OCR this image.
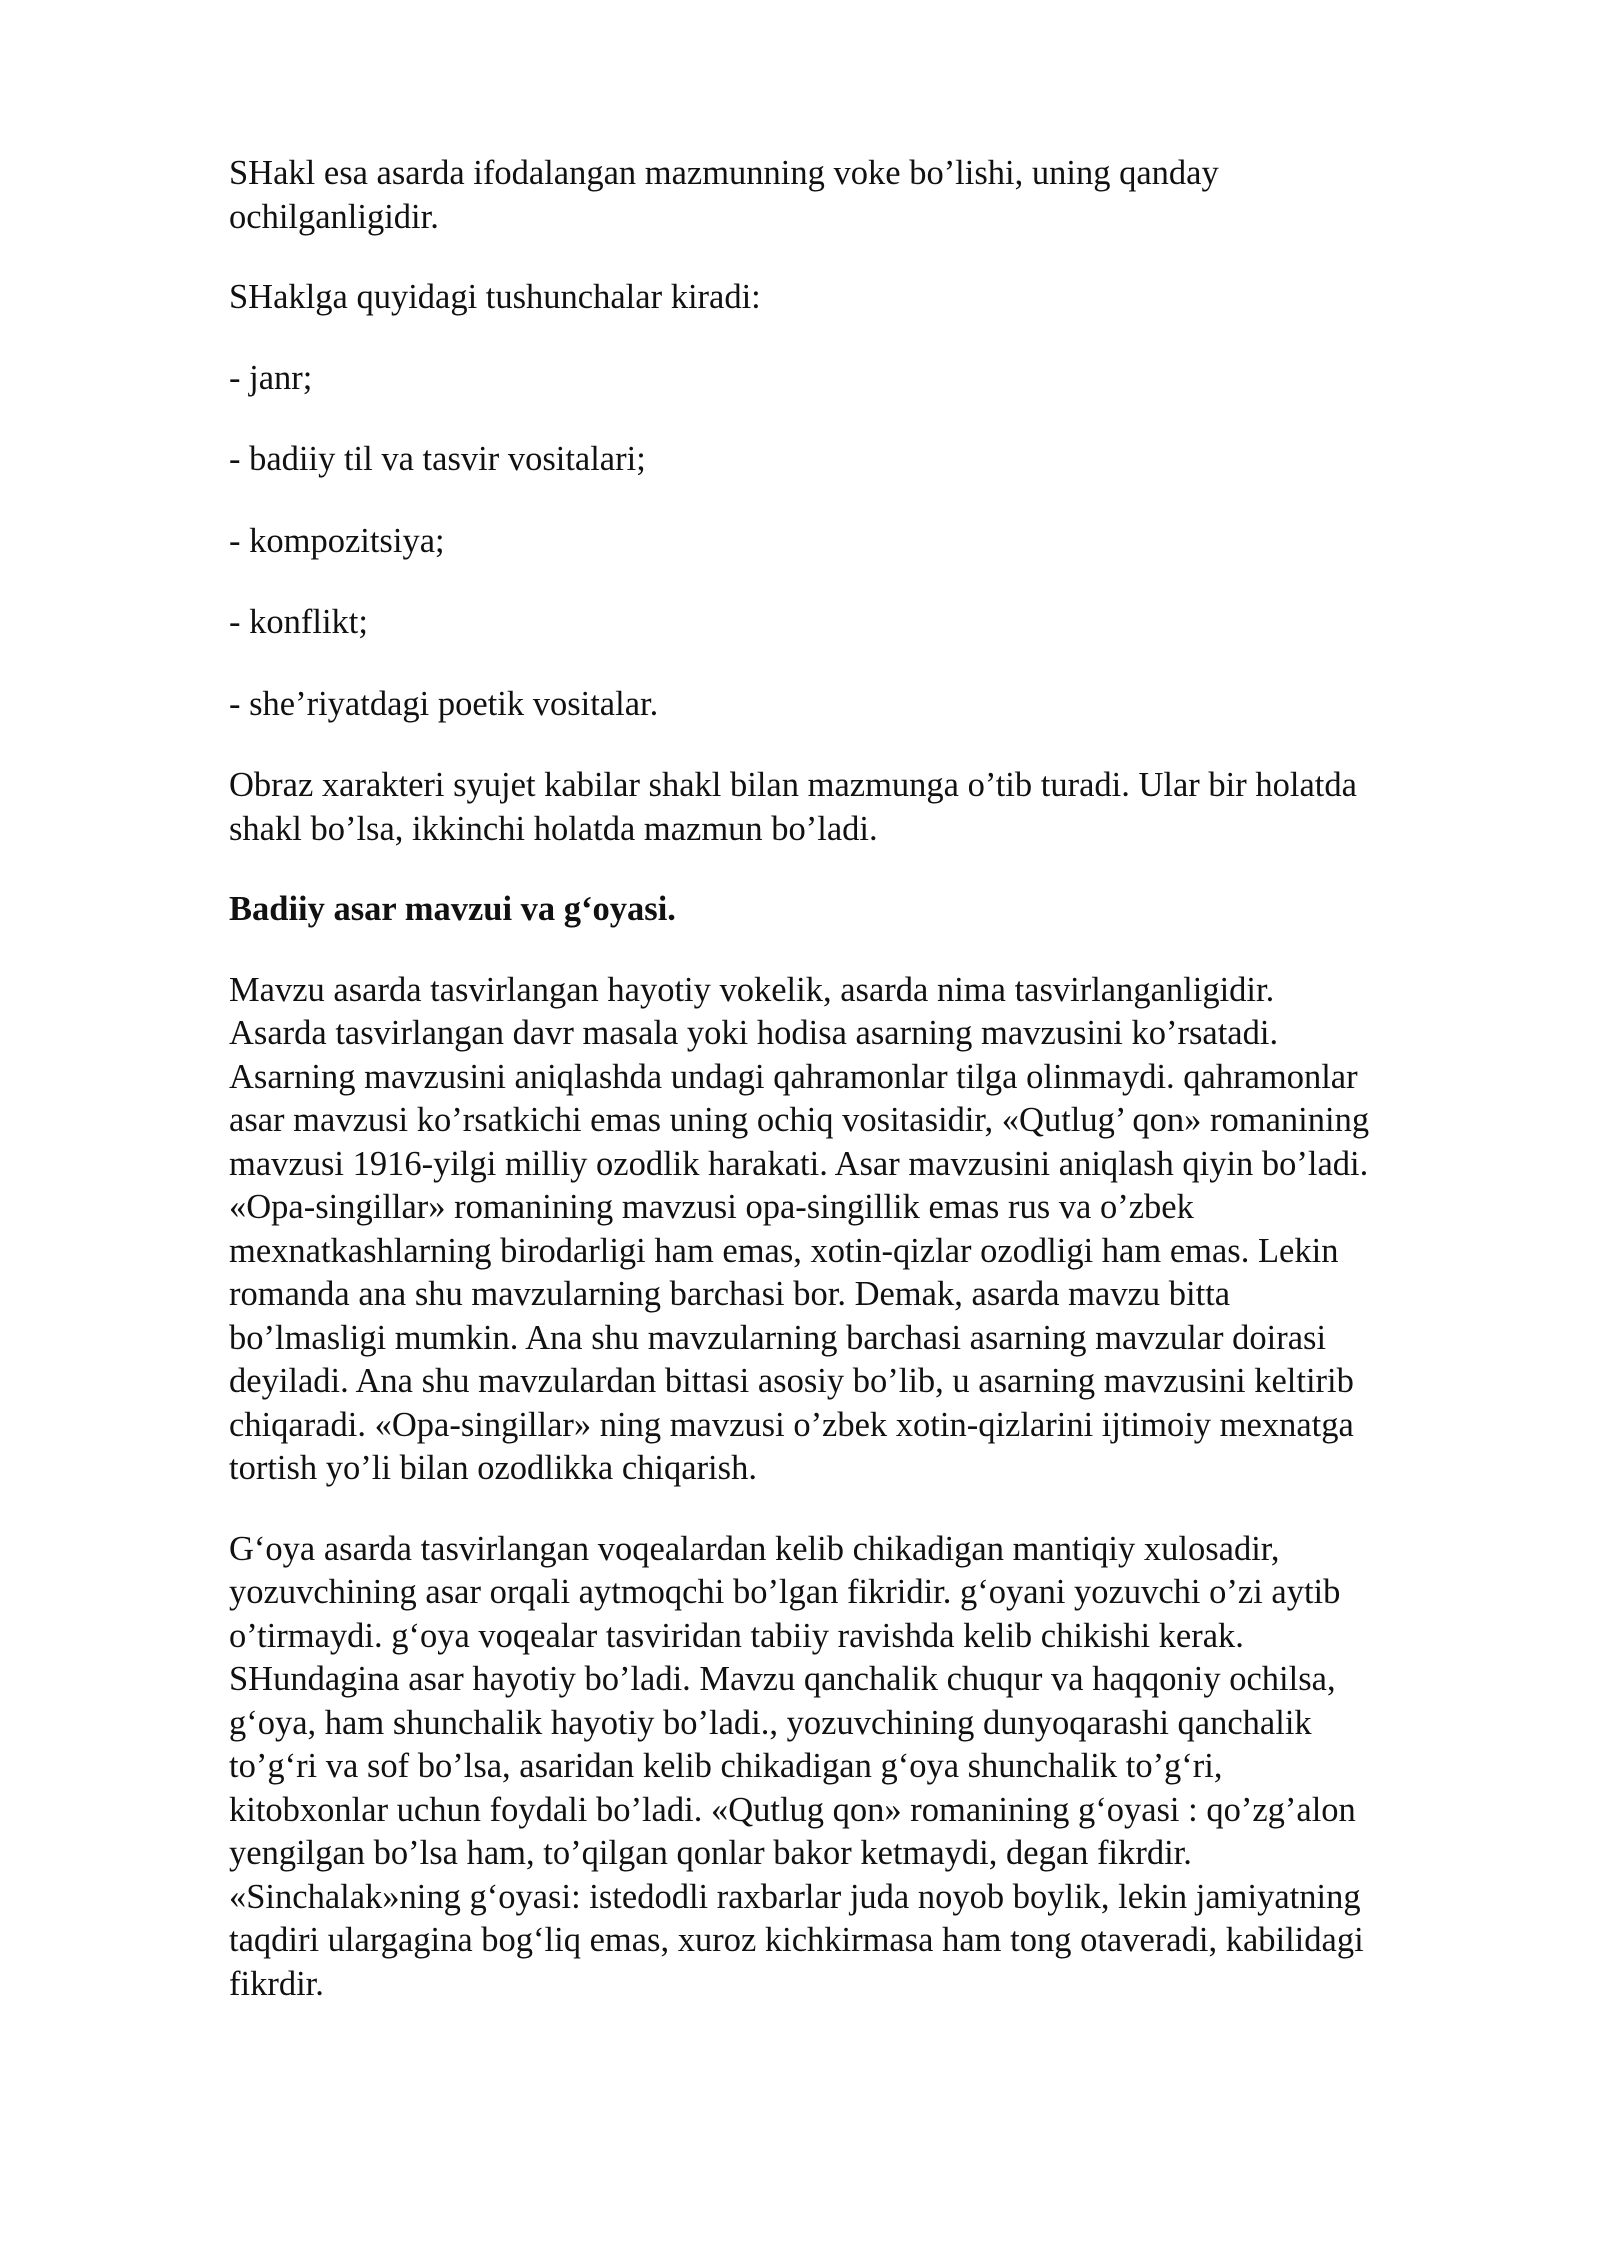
SHakl esa asarda ifodalangan mazmunning voke bo’lishi, uning qanday
ochilganligidir.

SHaklga quyidagi tushunchalar kiradi:

- janr;
- badiiy til va tasvir vositalari;
- kompozitsiya;
- konflikt;
- she’riyatdagi poetik vositalar.

Obraz xarakteri syujet kabilar shakl bilan mazmunga o’tib turadi. Ular bir holatda
shakl bo’lsa, ikkinchi holatda mazmun bo’ladi.

Badiiy asar mavzui va g‘oyasi.

Mavzu asarda tasvirlangan hayotiy vokelik, asarda nima tasvirlanganligidir.
Asarda tasvirlangan davr masala yoki hodisa asarning mavzusini ko’rsatadi.
Asarning mavzusini aniqlashda undagi qahramonlar tilga olinmaydi. qahramonlar
asar mavzusi ko’rsatkichi emas uning ochiq vositasidir, «Qutlug’ qon» romanining
mavzusi 1916-yilgi milliy ozodlik harakati. Asar mavzusini aniqlash qiyin bo’ladi.
«Opa-singillar» romanining mavzusi opa-singillik emas rus va o’zbek
mexnatkashlarning birodarligi ham emas, xotin-qizlar ozodligi ham emas. Lekin
romanda ana shu mavzularning barchasi bor. Demak, asarda mavzu bitta
bo’lmasligi mumkin. Ana shu mavzularning barchasi asarning mavzular doirasi
deyiladi. Ana shu mavzulardan bittasi asosiy bo’lib, u asarning mavzusini keltirib
chiqaradi. «Opa-singillar» ning mavzusi o’zbek xotin-qizlarini ijtimoiy mexnatga
tortish yo’li bilan ozodlikka chiqarish.

G‘oya asarda tasvirlangan voqealardan kelib chikadigan mantiqiy xulosadir,
yozuvchining asar orqali aytmoqchi bo’lgan fikridir. g‘oyani yozuvchi o’zi aytib
o’tirmaydi. g‘oya voqealar tasviridan tabiiy ravishda kelib chikishi kerak.
SHundagina asar hayotiy bo’ladi. Mavzu qanchalik chuqur va haqqoniy ochilsa,
g‘oya, ham shunchalik hayotiy bo’ladi., yozuvchining dunyoqarashi qanchalik
to’g‘ri va sof bo’lsa, asaridan kelib chikadigan g‘oya shunchalik to’g‘ri,
kitobxonlar uchun foydali bo’ladi. «Qutlug qon» romanining g‘oyasi : qo’zg’alon
yengilgan bo’lsa ham, to’qilgan qonlar bakor ketmaydi, degan fikrdir.
«Sinchalak»ning g‘oyasi: istedodli raxbarlar juda noyob boylik, lekin jamiyatning
taqdiri ulargagina bog‘liq emas, xuroz kichkirmasa ham tong otaveradi, kabilidagi
fikrdir.
